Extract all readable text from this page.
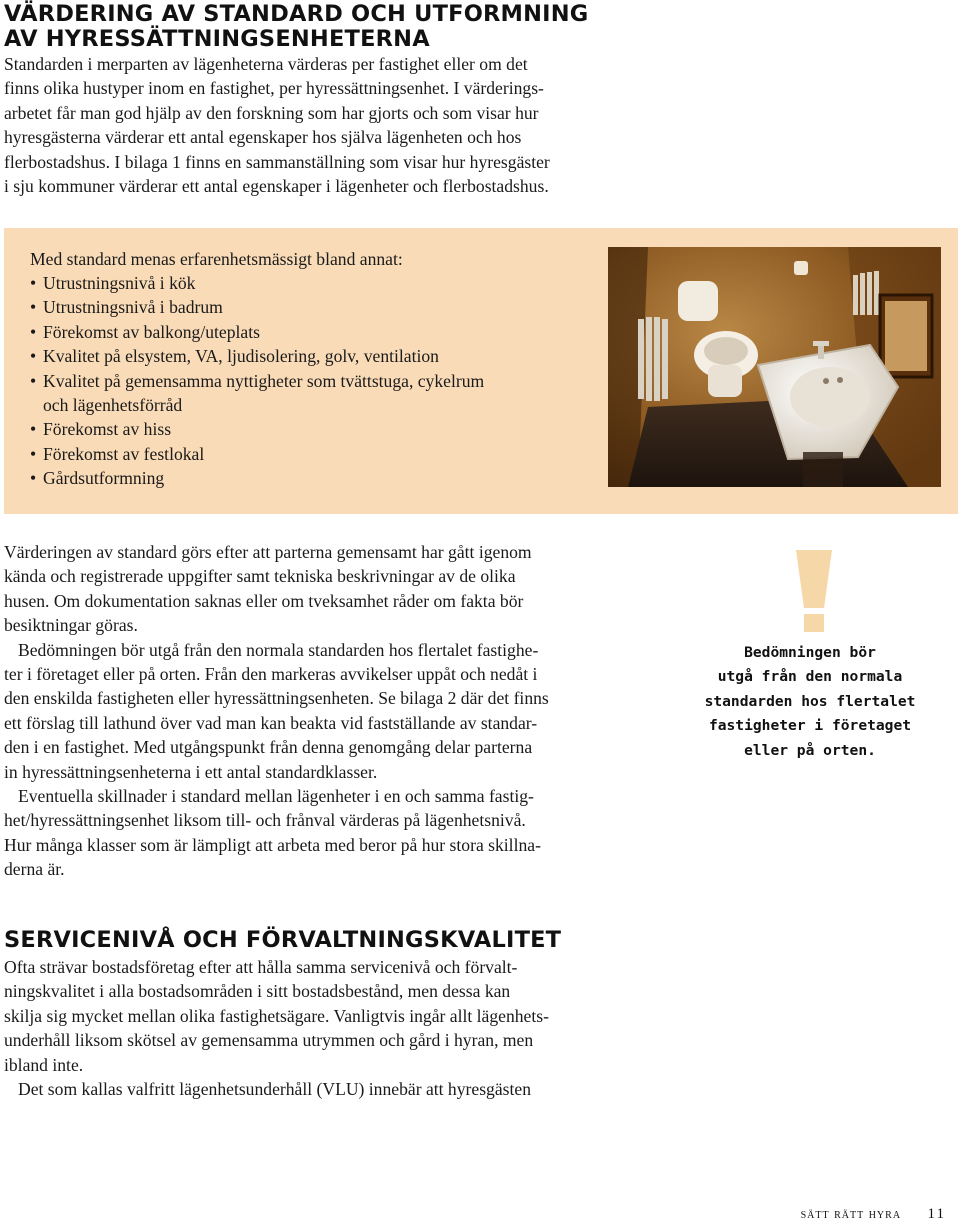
VÄRDERING AV STANDARD OCH UTFORMNING
AV HYRESSÄTTNINGSENHETERNA
Standarden i merparten av lägenheterna värderas per fastighet eller om det
finns olika hustyper inom en fastighet, per hyressättningsenhet. I värderings-
arbetet får man god hjälp av den forskning som har gjorts och som visar hur
hyresgästerna värderar ett antal egenskaper hos själva lägenheten och hos
flerbostadshus. I bilaga 1 finns en sammanställning som visar hur hyresgäster
i sju kommuner värderar ett antal egenskaper i lägenheter och flerbostadshus.
Med standard menas erfarenhetsmässigt bland annat:
• Utrustningsnivå i kök
• Utrustningsnivå i badrum
• Förekomst av balkong/uteplats
• Kvalitet på elsystem, VA, ljudisolering, golv, ventilation
• Kvalitet på gemensamma nyttigheter som tvättstuga, cykelrum
och lägenhetsförråd
• Förekomst av hiss
• Förekomst av festlokal
• Gårdsutformning

Värderingen av standard görs efter att parterna gemensamt har gått igenom
kända och registrerade uppgifter samt tekniska beskrivningar av de olika
husen. Om dokumentation saknas eller om tveksamhet råder om fakta bör
besiktningar göras.

Bedömningen bör utgå från den normala standarden hos flertalet fastighe-
ter i företaget eller på orten. Från den markeras avvikelser uppåt och nedåt i
den enskilda fastigheten eller hyressättningsenheten. Se bilaga 2 där det finns
ett förslag till lathund över vad man kan beakta vid fastställande av standar-
den i en fastighet. Med utgångspunkt från denna genomgång delar parterna
in hyressättningsenheterna i ett antal standardklasser.

Eventuella skillnader i standard mellan lägenheter i en och samma fastig-
het/hyressättningsenhet liksom till- och frånval värderas på lägenhetsnivå.
Hur många klasser som är lämpligt att arbeta med beror på hur stora skillna-
derna är.

Bedömningen bör
utgå från den normala
standarden hos flertalet
fastigheter i företaget
eller på orten.
SERVICENIVÅ OCH FÖRVALTNINGSKVALITET

Ofta strävar bostadsföretag efter att hålla samma servicenivå och förvalt-
ningskvalitet i alla bostadsområden i sitt bostadsbestånd, men dessa kan
skilja sig mycket mellan olika fastighetsägare. Vanligtvis ingår allt lägenhets-
underhåll liksom skötsel av gemensamma utrymmen och gård i hyran, men
ibland inte.

Det som kallas valfritt lägenhetsunderhåll (VLU) innebär att hyresgästen

sätt rätt hyra 11
